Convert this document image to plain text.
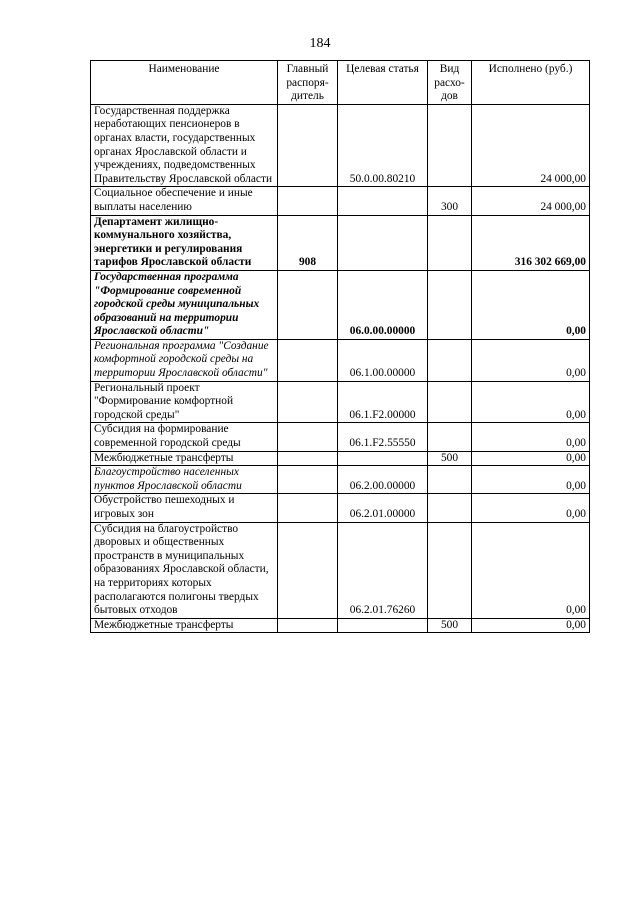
184
Наименование	Главный распоря-дитель	Целевая статья	Вид расхо-дов	Исполнено (руб.)
Государственная поддержка неработающих пенсионеров в органах власти, государственных органах Ярославской области и учреждениях, подведомственных Правительству Ярославской области		50.0.00.80210		24 000,00
Социальное обеспечение и иные выплаты населению			300	24 000,00
Департамент жилищно-коммунального хозяйства, энергетики и регулирования тарифов Ярославской области	908			316 302 669,00
Государственная программа "Формирование современной городской среды муниципальных образований на территории Ярославской области"		06.0.00.00000		0,00
Региональная программа "Создание комфортной городской среды на территории Ярославской области"		06.1.00.00000		0,00
Региональный проект "Формирование комфортной городской среды"		06.1.F2.00000		0,00
Субсидия на формирование современной городской среды		06.1.F2.55550		0,00
Межбюджетные трансферты			500	0,00
Благоустройство населенных пунктов Ярославской области		06.2.00.00000		0,00
Обустройство пешеходных и игровых зон		06.2.01.00000		0,00
Субсидия на благоустройство дворовых и общественных пространств в муниципальных образованиях Ярославской области, на территориях которых располагаются полигоны твердых бытовых отходов		06.2.01.76260		0,00
Межбюджетные трансферты			500	0,00
